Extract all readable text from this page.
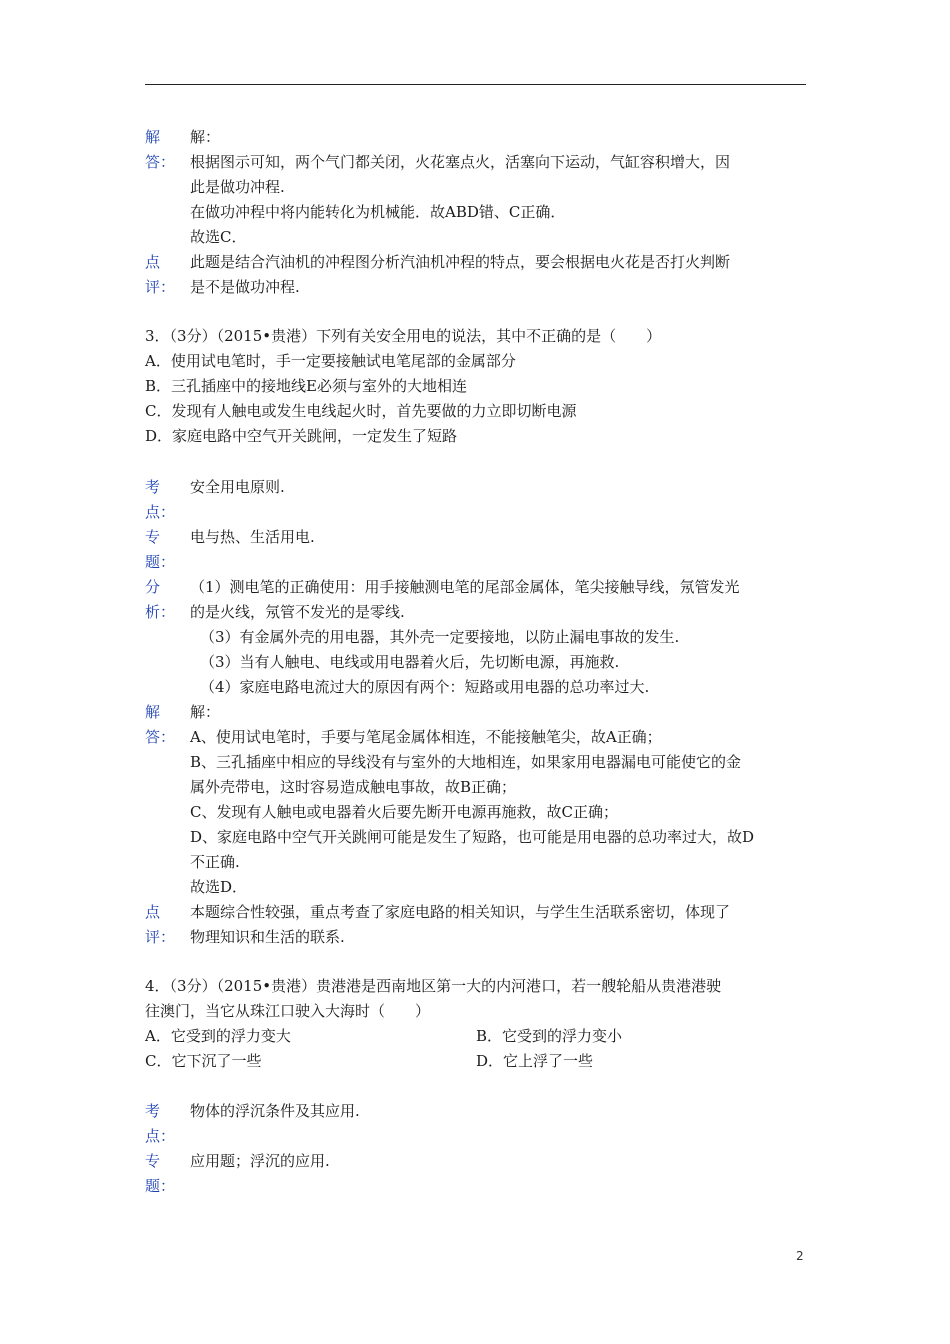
解
答：
解：
根据图示可知，两个气门都关闭，火花塞点火，活塞向下运动，气缸容积增大，因
此是做功冲程.
在做功冲程中将内能转化为机械能．故ABD错、C正确．
故选C．
点
评：
此题是结合汽油机的冲程图分析汽油机冲程的特点，要会根据电火花是否打火判断
是不是做功冲程.
3．（3分）（2015•贵港）下列有关安全用电的说法，其中不正确的是（　　）
A．使用试电笔时，手一定要接触试电笔尾部的金属部分
B．三孔插座中的接地线E必须与室外的大地相连
C．发现有人触电或发生电线起火时，首先要做的力立即切断电源
D．家庭电路中空气开关跳闸，一定发生了短路
考
点：
安全用电原则.
专
题：
电与热、生活用电.
分
析：
（1）测电笔的正确使用：用手接触测电笔的尾部金属体，笔尖接触导线，氖管发光
的是火线，氖管不发光的是零线.
（3）有金属外壳的用电器，其外壳一定要接地，以防止漏电事故的发生.
（3）当有人触电、电线或用电器着火后，先切断电源，再施救.
（4）家庭电路电流过大的原因有两个：短路或用电器的总功率过大.
解
答：
解：
A、使用试电笔时，手要与笔尾金属体相连，不能接触笔尖，故A正确；
B、三孔插座中相应的导线没有与室外的大地相连，如果家用电器漏电可能使它的金
属外壳带电，这时容易造成触电事故，故B正确；
C、发现有人触电或电器着火后要先断开电源再施救，故C正确；
D、家庭电路中空气开关跳闸可能是发生了短路，也可能是用电器的总功率过大，故D
不正确.
故选D．
点
评：
本题综合性较强，重点考查了家庭电路的相关知识，与学生生活联系密切，体现了
物理知识和生活的联系.
4．（3分）（2015•贵港）贵港港是西南地区第一大的内河港口，若一艘轮船从贵港港驶
往澳门，当它从珠江口驶入大海时（　　）
A．它受到的浮力变大	B．它受到的浮力变小
C．它下沉了一些	D．它上浮了一些
考
点：
物体的浮沉条件及其应用.
专
题：
应用题；浮沉的应用.
2
